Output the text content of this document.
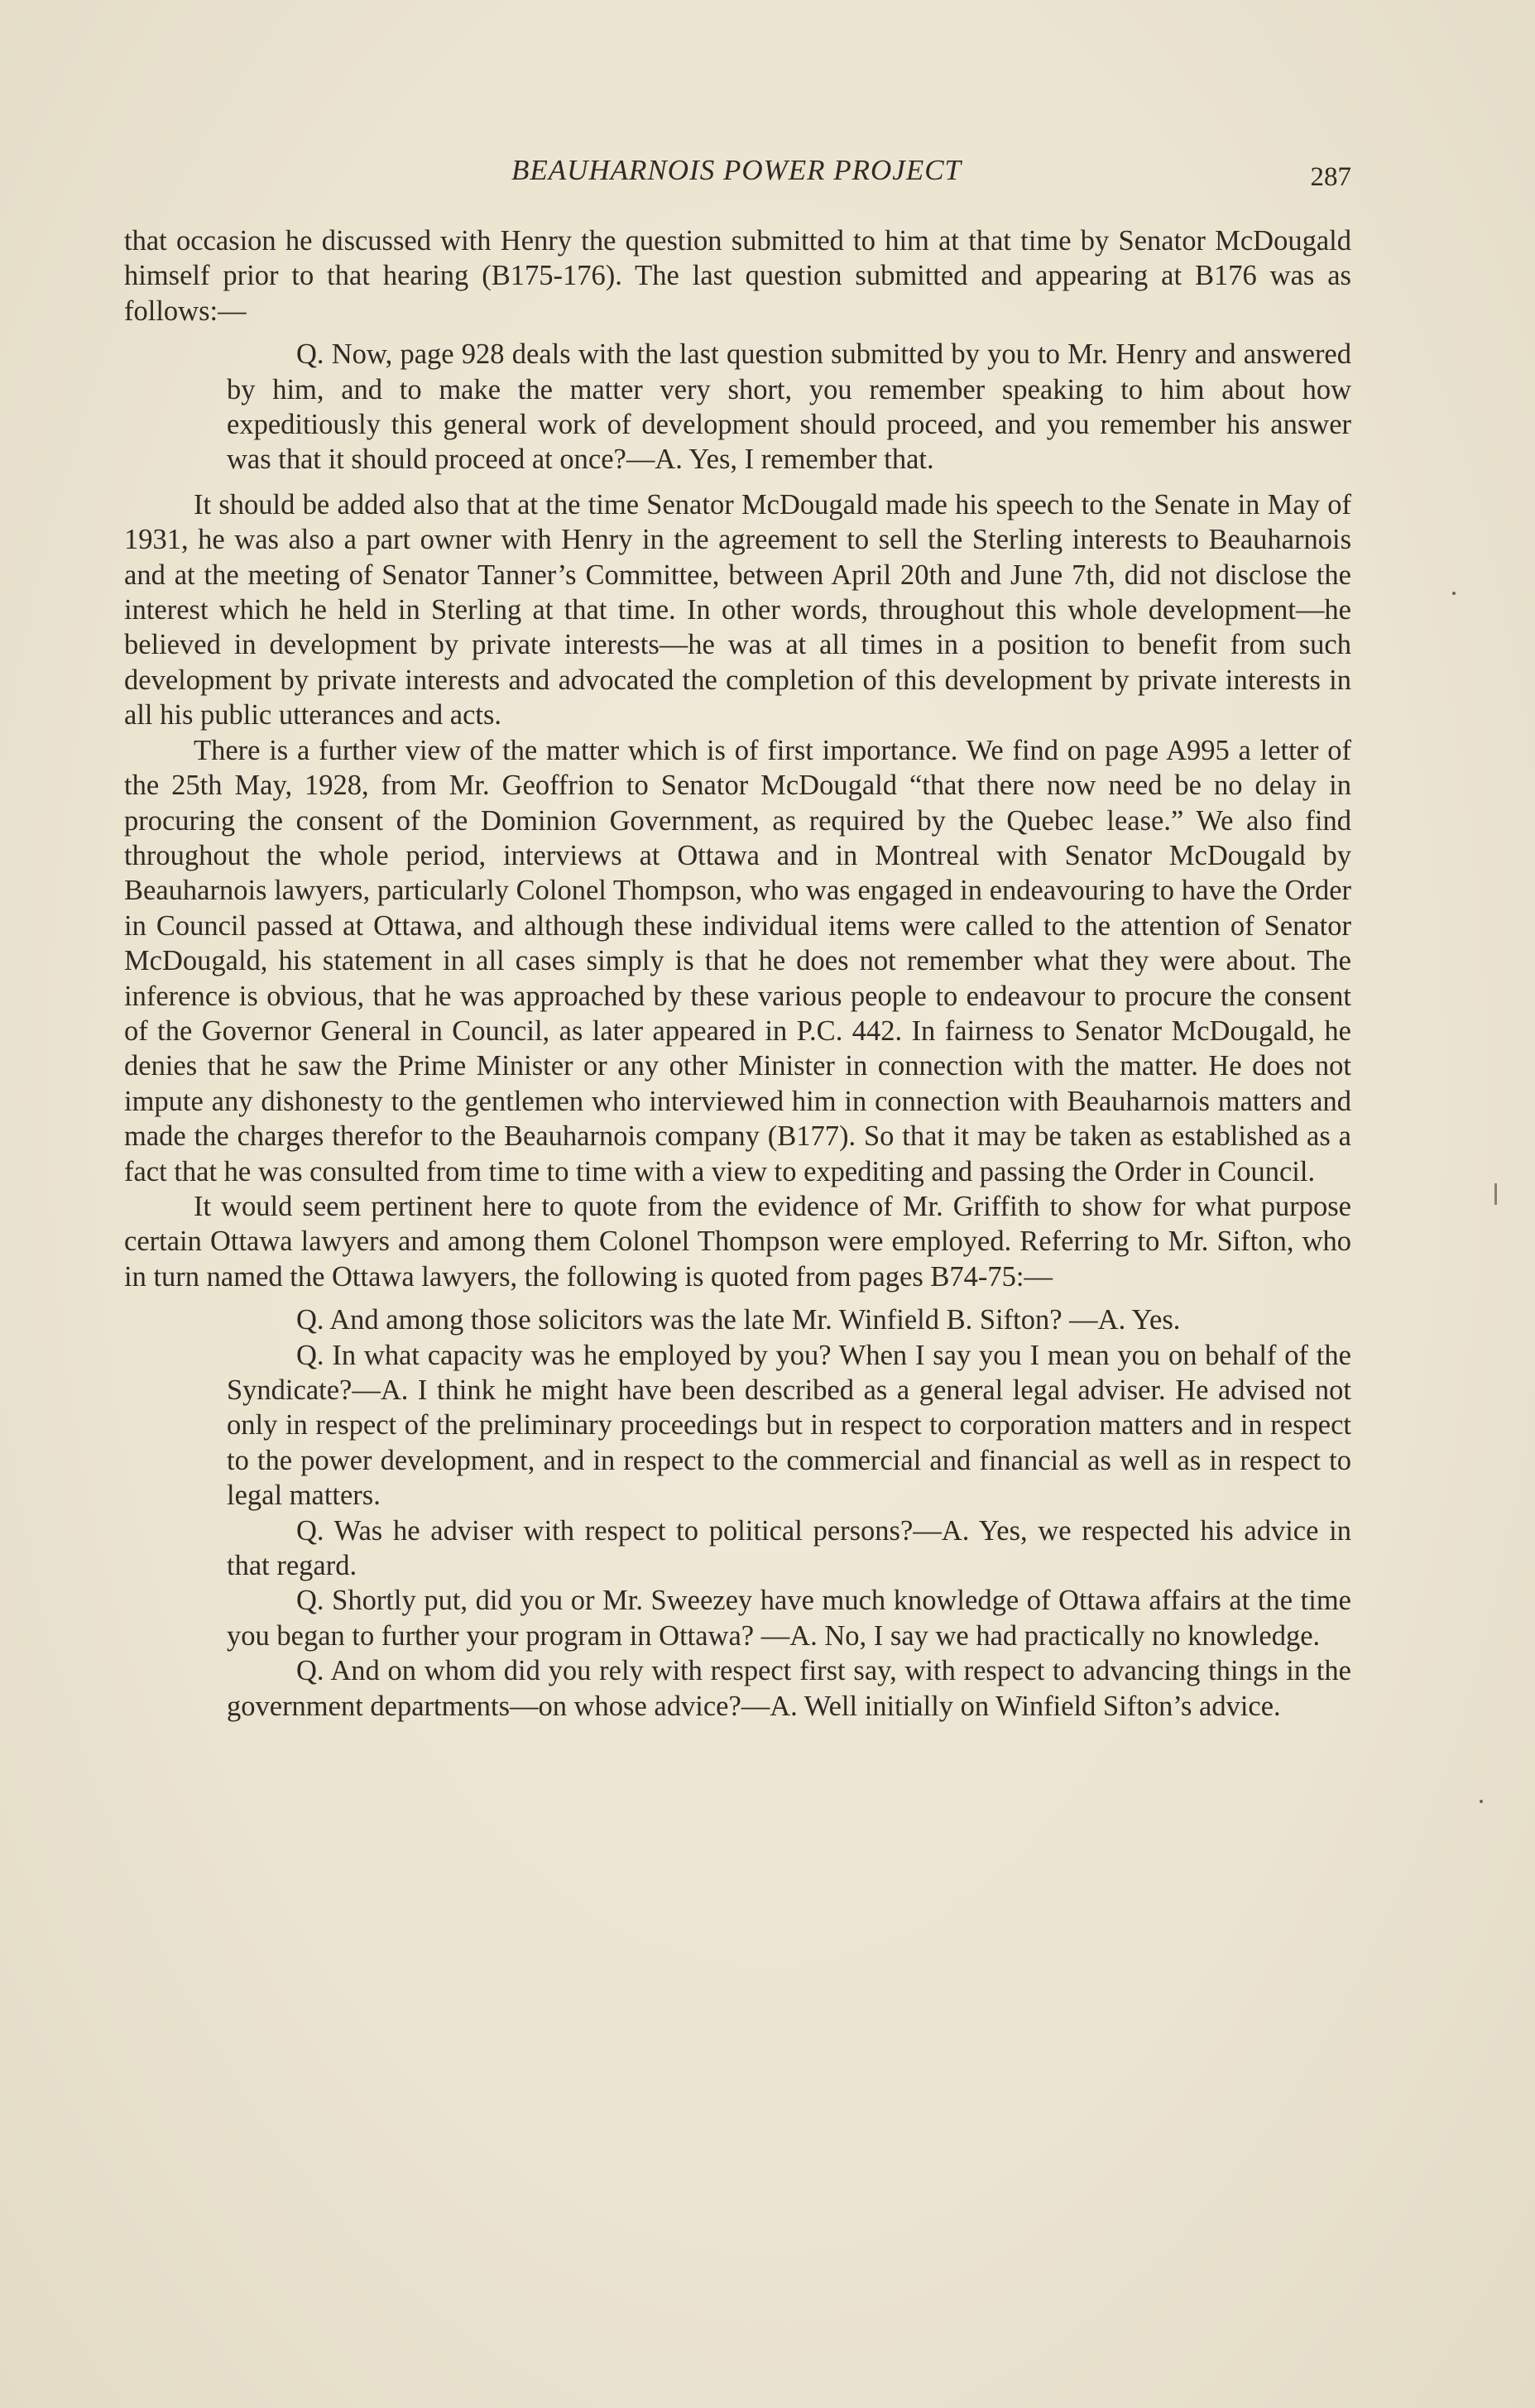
BEAUHARNOIS POWER PROJECT	287

that occasion he discussed with Henry the question submitted to him at that time by Senator McDougald himself prior to that hearing (B175-176). The last question submitted and appearing at B176 was as follows:—

Q. Now, page 928 deals with the last question submitted by you to Mr. Henry and answered by him, and to make the matter very short, you remember speaking to him about how expeditiously this general work of development should proceed, and you remember his answer was that it should proceed at once?—A. Yes, I remember that.

It should be added also that at the time Senator McDougald made his speech to the Senate in May of 1931, he was also a part owner with Henry in the agreement to sell the Sterling interests to Beauharnois and at the meeting of Senator Tanner’s Committee, between April 20th and June 7th, did not disclose the interest which he held in Sterling at that time. In other words, throughout this whole development—he believed in development by private interests—he was at all times in a position to benefit from such development by private interests and advocated the completion of this development by private interests in all his public utterances and acts.

There is a further view of the matter which is of first importance. We find on page A995 a letter of the 25th May, 1928, from Mr. Geoffrion to Senator McDougald “that there now need be no delay in procuring the consent of the Dominion Government, as required by the Quebec lease.” We also find throughout the whole period, interviews at Ottawa and in Montreal with Senator McDougald by Beauharnois lawyers, particularly Colonel Thompson, who was engaged in endeavouring to have the Order in Council passed at Ottawa, and although these individual items were called to the attention of Senator McDougald, his statement in all cases simply is that he does not remember what they were about. The inference is obvious, that he was approached by these various people to endeavour to procure the consent of the Governor General in Council, as later appeared in P.C. 442. In fairness to Senator McDougald, he denies that he saw the Prime Minister or any other Minister in connection with the matter. He does not impute any dishonesty to the gentlemen who interviewed him in connection with Beauharnois matters and made the charges therefor to the Beauharnois company (B177). So that it may be taken as established as a fact that he was consulted from time to time with a view to expediting and passing the Order in Council.

It would seem pertinent here to quote from the evidence of Mr. Griffith to show for what purpose certain Ottawa lawyers and among them Colonel Thompson were employed. Referring to Mr. Sifton, who in turn named the Ottawa lawyers, the following is quoted from pages B74-75:—

Q. And among those solicitors was the late Mr. Winfield B. Sifton? —A. Yes.

Q. In what capacity was he employed by you? When I say you I mean you on behalf of the Syndicate?—A. I think he might have been described as a general legal adviser. He advised not only in respect of the preliminary proceedings but in respect to corporation matters and in respect to the power development, and in respect to the commercial and financial as well as in respect to legal matters.

Q. Was he adviser with respect to political persons?—A. Yes, we respected his advice in that regard.

Q. Shortly put, did you or Mr. Sweezey have much knowledge of Ottawa affairs at the time you began to further your program in Ottawa? —A. No, I say we had practically no knowledge.

Q. And on whom did you rely with respect first say, with respect to advancing things in the government departments—on whose advice?—A. Well initially on Winfield Sifton’s advice.
